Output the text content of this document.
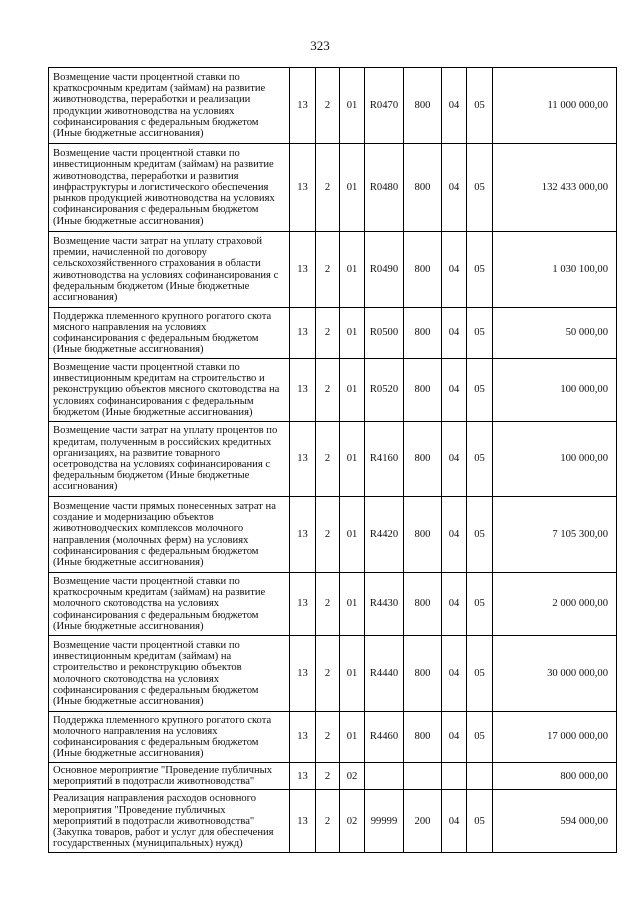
323
Возмещение части процентной ставки по краткосрочным кредитам (займам) на развитие животноводства, переработки и реализации продукции животноводства на условиях софинансирования с федеральным бюджетом (Иные бюджетные ассигнования)	13	2	01	R0470	800	04	05	11 000 000,00
Возмещение части процентной ставки по инвестиционным кредитам (займам) на развитие животноводства, переработки и развития инфраструктуры и логистического обеспечения рынков продукцией животноводства на условиях софинансирования с федеральным бюджетом (Иные бюджетные ассигнования)	13	2	01	R0480	800	04	05	132 433 000,00
Возмещение части затрат на уплату страховой премии, начисленной по договору сельскохозяйственного страхования в области животноводства на условиях софинансирования с федеральным бюджетом (Иные бюджетные ассигнования)	13	2	01	R0490	800	04	05	1 030 100,00
Поддержка племенного крупного рогатого скота мясного направления на условиях софинансирования с федеральным бюджетом (Иные бюджетные ассигнования)	13	2	01	R0500	800	04	05	50 000,00
Возмещение части процентной ставки по инвестиционным кредитам на строительство и реконструкцию объектов мясного скотоводства на условиях софинансирования с федеральным бюджетом (Иные бюджетные ассигнования)	13	2	01	R0520	800	04	05	100 000,00
Возмещение части затрат на уплату процентов по кредитам, полученным в российских кредитных организациях, на развитие товарного осетроводства на условиях софинансирования с федеральным бюджетом (Иные бюджетные ассигнования)	13	2	01	R4160	800	04	05	100 000,00
Возмещение части прямых понесенных затрат на создание и модернизацию объектов животноводческих комплексов молочного направления (молочных ферм) на условиях софинансирования с федеральным бюджетом (Иные бюджетные ассигнования)	13	2	01	R4420	800	04	05	7 105 300,00
Возмещение части процентной ставки по краткосрочным кредитам (займам) на развитие молочного скотоводства на условиях софинансирования с федеральным бюджетом (Иные бюджетные ассигнования)	13	2	01	R4430	800	04	05	2 000 000,00
Возмещение части процентной ставки по инвестиционным кредитам (займам) на строительство и реконструкцию объектов молочного скотоводства на условиях софинансирования с федеральным бюджетом (Иные бюджетные ассигнования)	13	2	01	R4440	800	04	05	30 000 000,00
Поддержка племенного крупного рогатого скота молочного направления на условиях софинансирования с федеральным бюджетом (Иные бюджетные ассигнования)	13	2	01	R4460	800	04	05	17 000 000,00
Основное мероприятие "Проведение публичных мероприятий в подотрасли животноводства"	13	2	02					800 000,00
Реализация направления расходов основного мероприятия "Проведение публичных мероприятий в подотрасли животноводства" (Закупка товаров, работ и услуг для обеспечения государственных (муниципальных) нужд)	13	2	02	99999	200	04	05	594 000,00
